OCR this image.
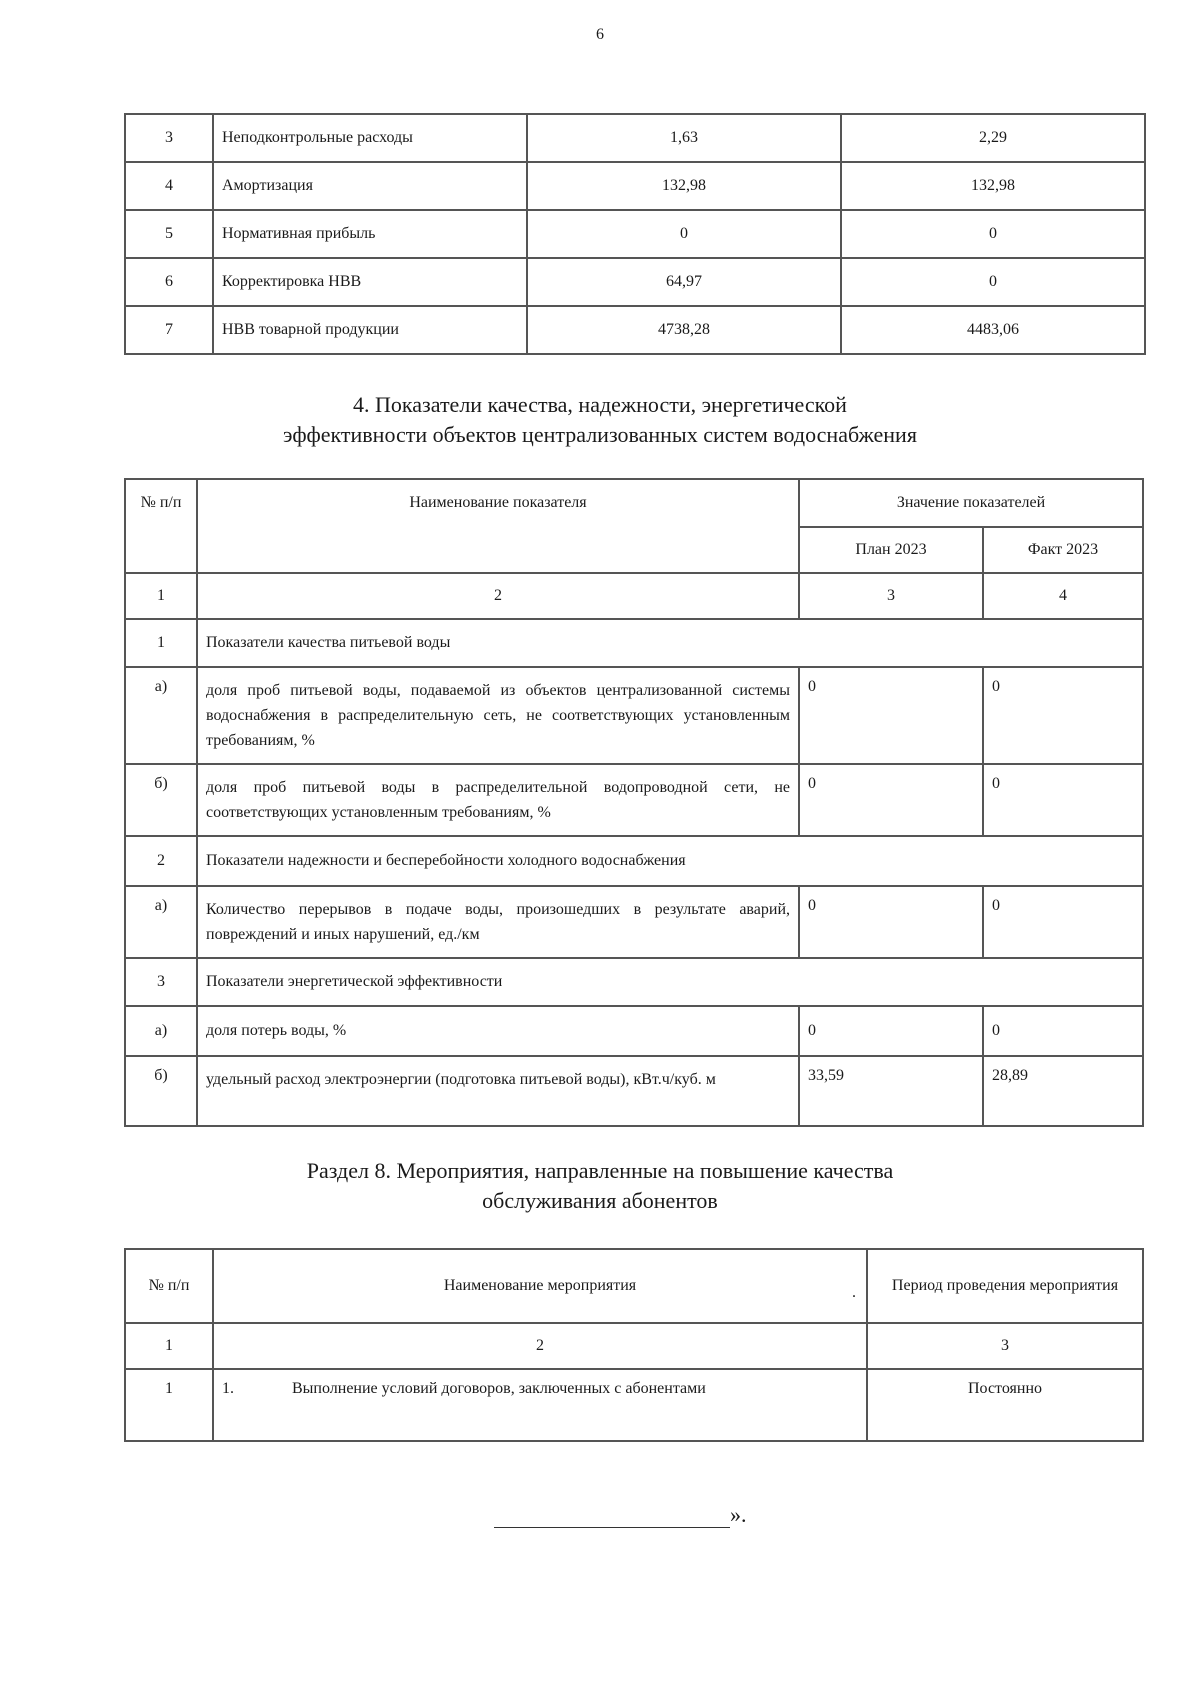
6
3	Неподконтрольные расходы	1,63	2,29
4	Амортизация	132,98	132,98
5	Нормативная прибыль	0	0
6	Корректировка НВВ	64,97	0
7	НВВ товарной продукции	4738,28	4483,06
4. Показатели качества, надежности, энергетической
эффективности объектов централизованных систем водоснабжения
№ п/п	Наименование показателя	Значение показателей	
		План 2023	Факт 2023
1	2	3	4
1	Показатели качества питьевой воды		
а)	доля проб питьевой воды, подаваемой из объектов централизованной системы водоснабжения в распределительную сеть, не соответствующих установленным требованиям, %	0	0
б)	доля проб питьевой воды в распределительной водопроводной сети, не соответствующих установленным требованиям, %	0	0
2	Показатели надежности и бесперебойности холодного водоснабжения		
а)	Количество перерывов в подаче воды, произошедших в результате аварий, повреждений и иных нарушений, ед./км	0	0
3	Показатели энергетической эффективности		
а)	доля потерь воды, %	0	0
б)	удельный расход электроэнергии (подготовка питьевой воды), кВт.ч/куб. м	33,59	28,89
Раздел 8. Мероприятия, направленные на повышение качества
обслуживания абонентов
№ п/п	Наименование мероприятия .	Период проведения мероприятия
1	2	3
1	1. Выполнение условий договоров, заключенных с абонентами	Постоянно
».
